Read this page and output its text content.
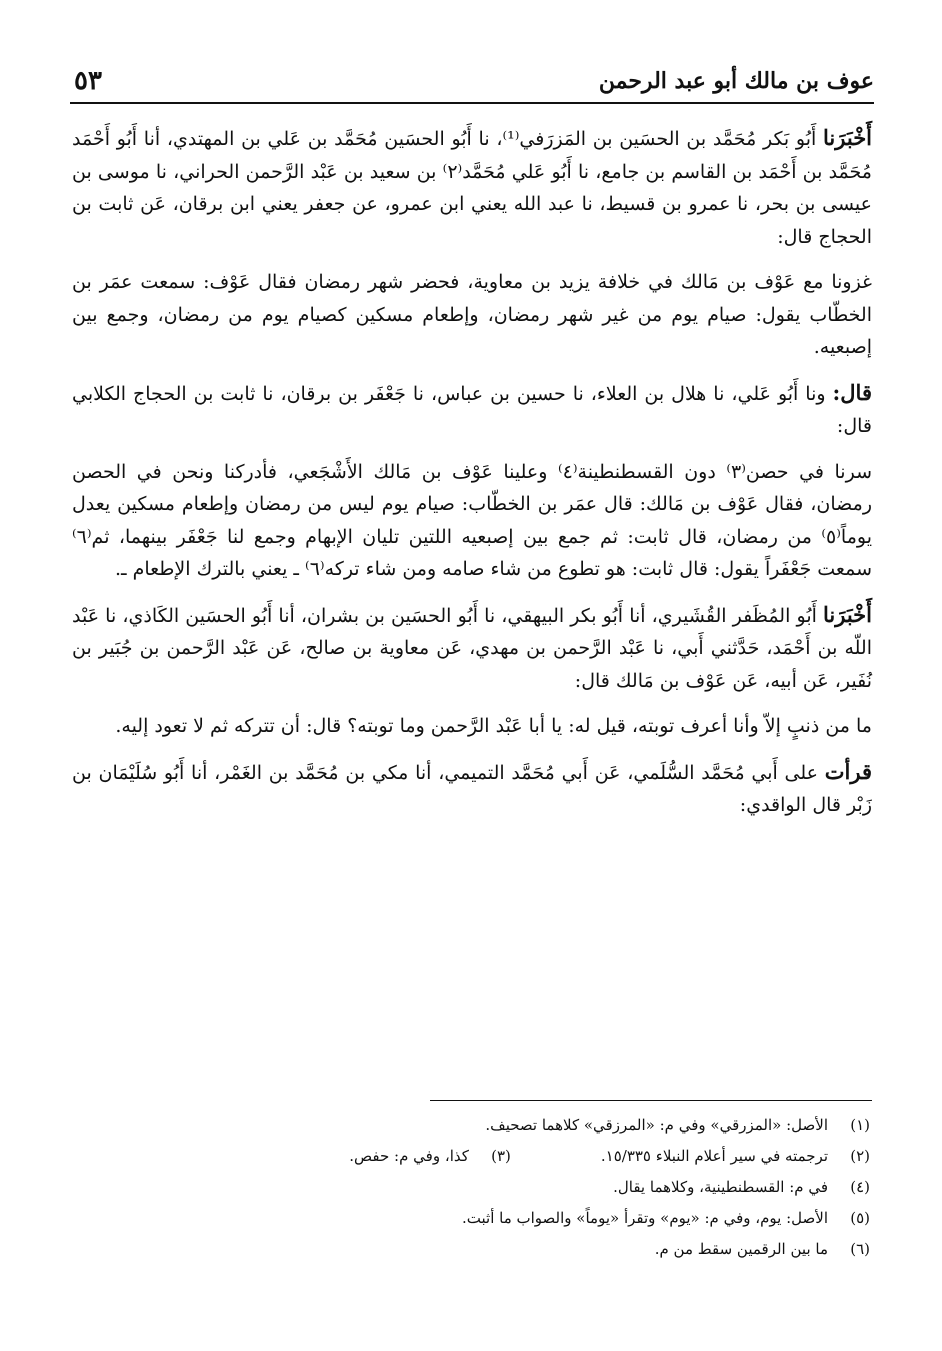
٥٣	عوف بن مالك أبو عبد الرحمن

أَخْبَرَنا أَبُو بَكر مُحَمَّد بن الحسَين بن المَزرَفي⁽¹⁾، نا أَبُو الحسَين مُحَمَّد بن عَلي بن المهتدي، أنا أَبُو أَحْمَد مُحَمَّد بن أَحْمَد بن القاسم بن جامع، نا أَبُو عَلي مُحَمَّد⁽٢⁾ بن سعيد بن عَبْد الرَّحمن الحراني، نا موسى بن عيسى بن بحر، نا عمرو بن قسيط، نا عبد الله يعني ابن عمرو، عن جعفر يعني ابن برقان، عَن ثابت بن الحجاج قال:

غزونا مع عَوْف بن مَالك في خلافة يزيد بن معاوية، فحضر شهر رمضان فقال عَوْف: سمعت عمَر بن الخطّاب يقول: صيام يوم من غير شهر رمضان، وإطعام مسكين كصيام يوم من رمضان، وجمع بين إصبعيه.

قال: ونا أَبُو عَلي، نا هلال بن العلاء، نا حسين بن عباس، نا جَعْفَر بن برقان، نا ثابت بن الحجاج الكلابي قال:

سرنا في حصن⁽٣⁾ دون القسطنطينة⁽٤⁾ وعلينا عَوْف بن مَالك الأَشْجَعي، فأدركنا ونحن في الحصن رمضان، فقال عَوْف بن مَالك: قال عمَر بن الخطّاب: صيام يوم ليس من رمضان وإطعام مسكين يعدل يوماً⁽٥⁾ من رمضان، قال ثابت: ثم جمع بين إصبعيه اللتين تليان الإبهام وجمع لنا جَعْفَر بينهما، ثم⁽٦⁾ سمعت جَعْفَراً يقول: قال ثابت: هو تطوع من شاء صامه ومن شاء تركه⁽٦⁾ ـ يعني بالترك الإطعام ـ.

أَخْبَرَنا أَبُو المُظَفر القُشَيري، أنا أَبُو بكر البيهقي، نا أَبُو الحسَين بن بشران، أنا أَبُو الحسَين الكَاذي، نا عَبْد اللّه بن أَحْمَد، حَدَّثني أَبي، نا عَبْد الرَّحمن بن مهدي، عَن معاوية بن صالح، عَن عَبْد الرَّحمن بن جُبَير بن نُفَير، عَن أبيه، عَن عَوْف بن مَالك قال:

ما من ذنبٍ إلاّ وأنا أعرف توبته، قيل له: يا أبا عَبْد الرَّحمن وما توبته؟ قال: أن تتركه ثم لا تعود إليه.

قرأت على أَبي مُحَمَّد السُّلَمي، عَن أَبي مُحَمَّد التميمي، أنا مكي بن مُحَمَّد بن الغَمْر، أنا أَبُو سُلَيْمَان بن زَبْر قال الواقدي:

(١)
الأصل: «المزرقي» وفي م: «المرزقي» كلاهما تصحيف.
(٢)
ترجمته في سير أعلام النبلاء ١٥/٣٣٥.
(٣)
كذا، وفي م: حفص.
(٤)
في م: القسطنطينية، وكلاهما يقال.
(٥)
الأصل: يوم، وفي م: «يوم» وتقرأ «يوماً» والصواب ما أثبت.
(٦)
ما بين الرقمين سقط من م.
